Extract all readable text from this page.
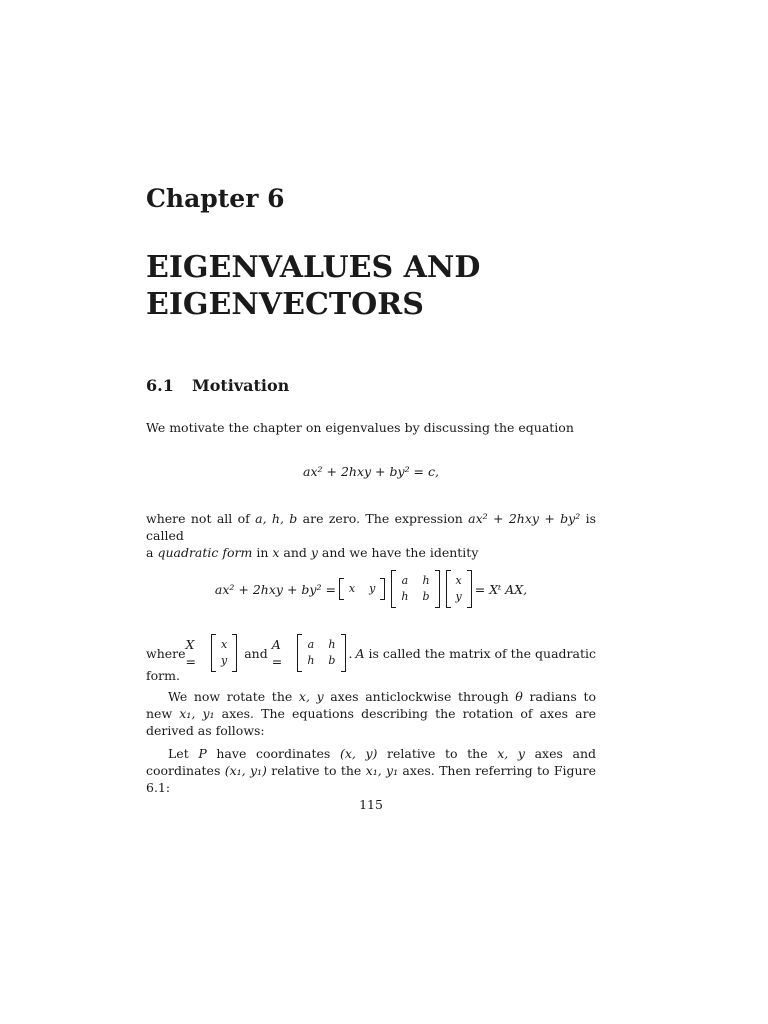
Chapter 6
EIGENVALUES AND
EIGENVECTORS
6.1 Motivation
We motivate the chapter on eigenvalues by discussing the equation
ax² + 2hxy + by² = c,
where not all of a, h, b are zero. The expression ax² + 2hxy + by² is called
a quadratic form in x and y and we have the identity
ax² + 2hxy + by² = x y
a h
h b
x
y = Xᵗ AX,
where
X =
x
y and
A =
a h
h b . A is called the matrix of the quadratic
form.
We now rotate the x, y axes anticlockwise through θ radians to new x₁, y₁ axes. The equations describing the rotation of axes are derived as follows:
Let P have coordinates (x, y) relative to the x, y axes and coordinates (x₁, y₁) relative to the x₁, y₁ axes. Then referring to Figure 6.1:
115
